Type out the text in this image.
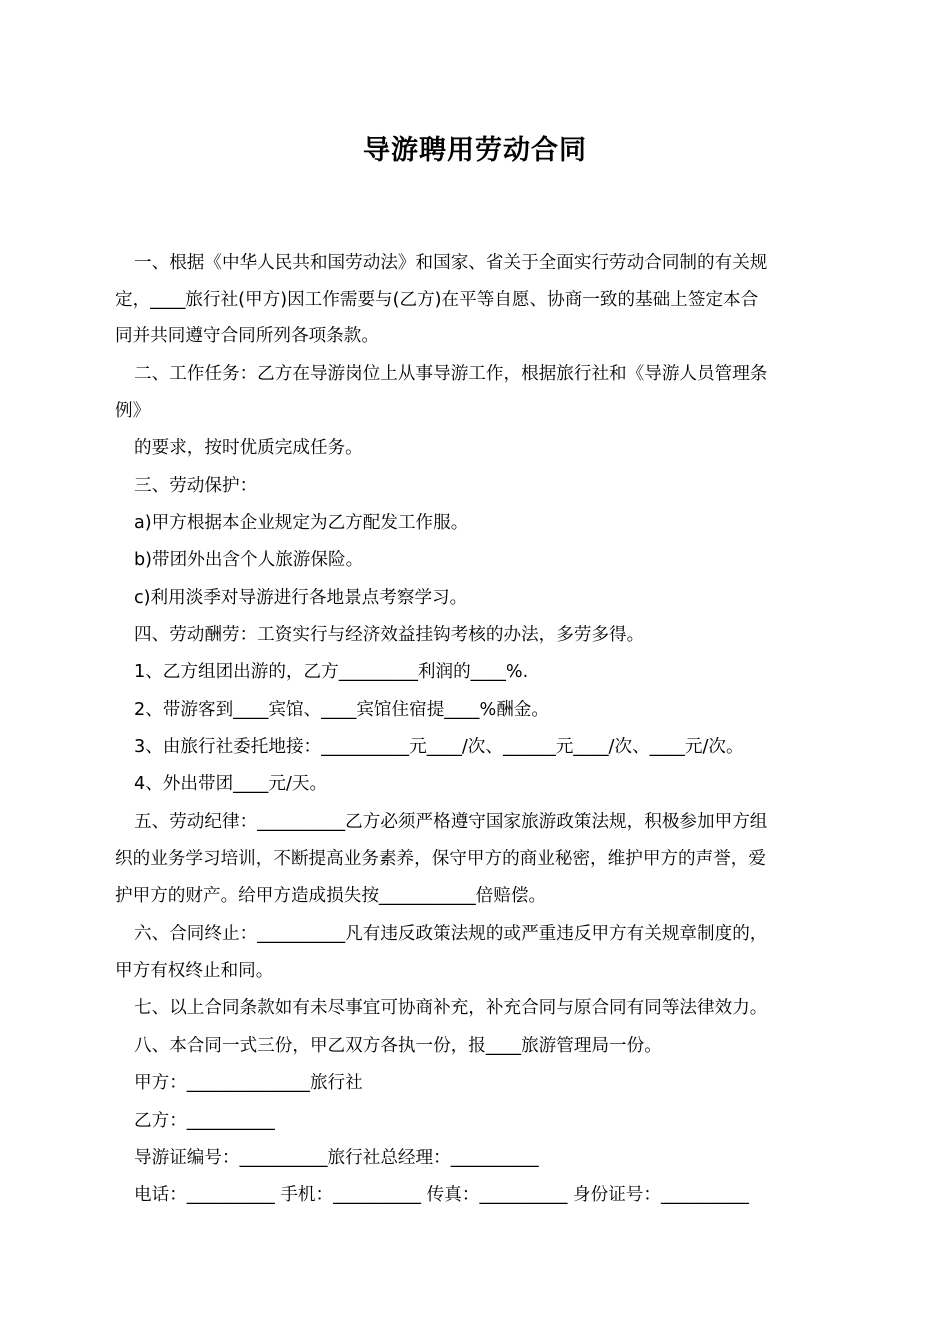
导游聘用劳动合同
一、根据《中华人民共和国劳动法》和国家、省关于全面实行劳动合同制的有关规
定，____旅行社(甲方)因工作需要与(乙方)在平等自愿、协商一致的基础上签定本合
同并共同遵守合同所列各项条款。
二、工作任务：乙方在导游岗位上从事导游工作，根据旅行社和《导游人员管理条
例》
的要求，按时优质完成任务。
三、劳动保护：
a)甲方根据本企业规定为乙方配发工作服。
b)带团外出含个人旅游保险。
c)利用淡季对导游进行各地景点考察学习。
四、劳动酬劳：工资实行与经济效益挂钩考核的办法，多劳多得。
1、乙方组团出游的，乙方_________利润的____%.
2、带游客到____宾馆、____宾馆住宿提____%酬金。
3、由旅行社委托地接：__________元____/次、______元____/次、____元/次。
4、外出带团____元/天。
五、劳动纪律：__________乙方必须严格遵守国家旅游政策法规，积极参加甲方组
织的业务学习培训，不断提高业务素养，保守甲方的商业秘密，维护甲方的声誉，爱
护甲方的财产。给甲方造成损失按___________倍赔偿。
六、合同终止：__________凡有违反政策法规的或严重违反甲方有关规章制度的，
甲方有权终止和同。
七、以上合同条款如有未尽事宜可协商补充，补充合同与原合同有同等法律效力。
八、本合同一式三份，甲乙双方各执一份，报____旅游管理局一份。
甲方：______________旅行社
乙方：__________
导游证编号：__________旅行社总经理：__________
电话：__________ 手机：__________ 传真：__________ 身份证号：__________
